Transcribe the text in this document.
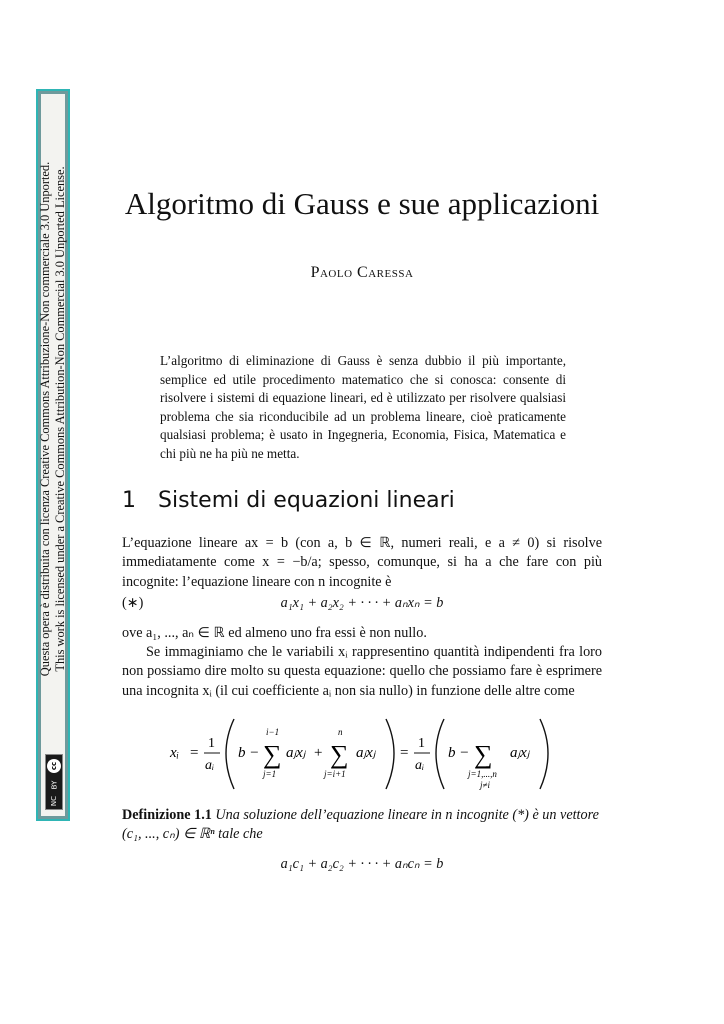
Questa opera è distribuita con licenza Creative Commons Attribuzione-Non commerciale 3.0 Unported. This work is licensed under a Creative Commons Attribution-Non Commercial 3.0 Unported License.
cc
BY
NC
Algoritmo di Gauss e sue applicazioni
Paolo Caressa
L’algoritmo di eliminazione di Gauss è senza dubbio il più importante, semplice ed utile procedimento matematico che si conosca: consente di risolvere i sistemi di equazione lineari, ed è utilizzato per risolvere qualsiasi problema che sia riconducibile ad un problema lineare, cioè praticamente qualsiasi problema; è usato in Ingegneria, Economia, Fisica, Matematica e chi più ne ha più ne metta.
1 Sistemi di equazioni lineari
L’equazione lineare ax = b (con a, b ∈ ℝ, numeri reali, e a ≠ 0) si risolve immediatamente come x = −b/a; spesso, comunque, si ha a che fare con più incognite: l’equazione lineare con n incognite è
(∗)	a₁x₁ + a₂x₂ + · · · + aₙxₙ = b
ove a₁, ..., aₙ ∈ ℝ ed almeno uno fra essi è non nullo.
Se immaginiamo che le variabili xᵢ rappresentino quantità indipendenti fra loro non possiamo dire molto su questa equazione: quello che possiamo fare è esprimere una incognita xᵢ (il cui coefficiente aᵢ non sia nullo) in funzione delle altre come
xᵢ =
1
aᵢ
b −
i−1
∑
j=1
aⱼxⱼ +
n
∑
j=i+1
aⱼxⱼ =
1
aᵢ
b − ∑
j=1,...,n
j≠i
aⱼxⱼ
Definizione 1.1 Una soluzione dell’equazione lineare in n incognite (*) è un vettore (c₁, ..., cₙ) ∈ ℝⁿ tale che
a₁c₁ + a₂c₂ + · · · + aₙcₙ = b
